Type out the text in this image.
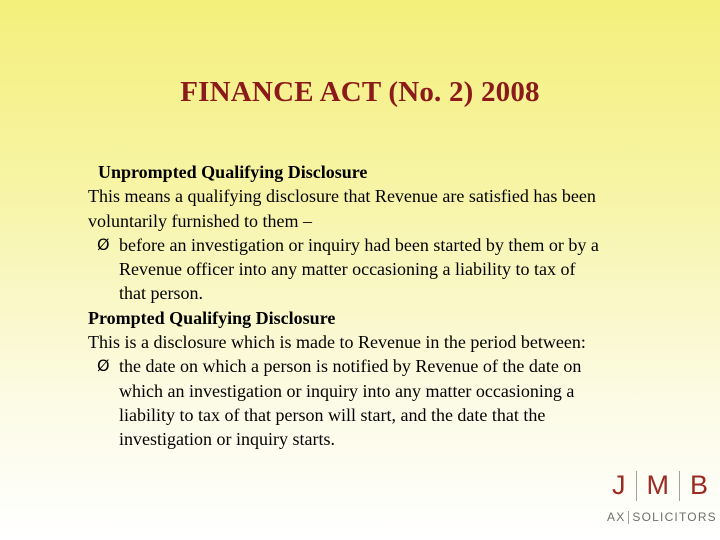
FINANCE ACT (No. 2) 2008
Unprompted Qualifying Disclosure
This means a qualifying disclosure that Revenue are satisfied has been
voluntarily furnished to them –
Ø before an investigation or inquiry had been started by them or by a
Revenue officer into any matter occasioning a liability to tax of
that person.
Prompted Qualifying Disclosure
This is a disclosure which is made to Revenue in the period between:
Ø the date on which a person is notified by Revenue of the date on
which an investigation or inquiry into any matter occasioning a
liability to tax of that person will start, and the date that the
investigation or inquiry starts.
J M B
AX SOLICITORS
